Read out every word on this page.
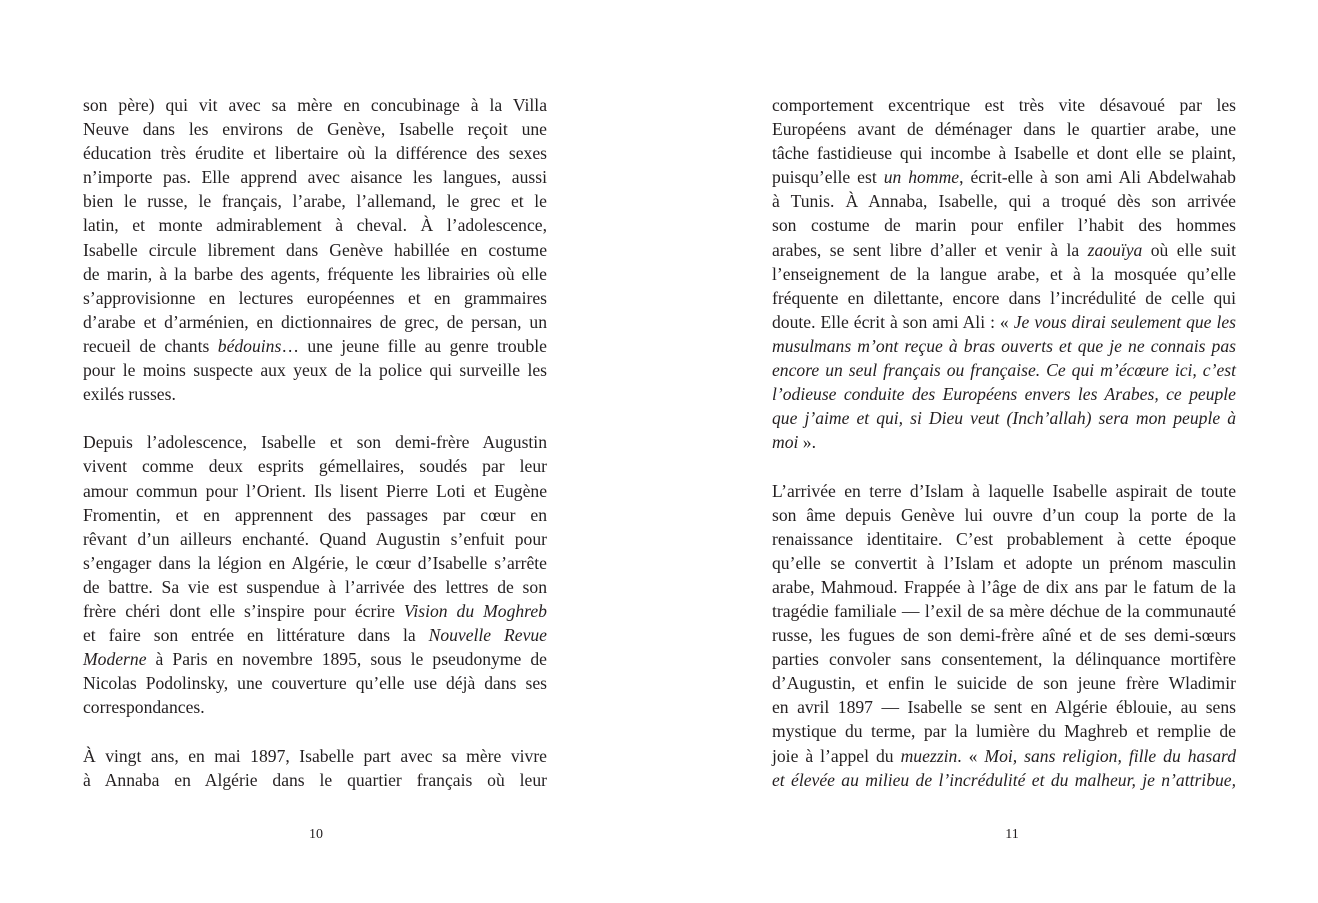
son père) qui vit avec sa mère en concubinage à la Villa
Neuve dans les environs de Genève, Isabelle reçoit une
éducation très érudite et libertaire où la différence des sexes
n’importe pas. Elle apprend avec aisance les langues, aussi
bien le russe, le français, l’arabe, l’allemand, le grec et le
latin, et monte admirablement à cheval. À l’adolescence,
Isabelle circule librement dans Genève habillée en costume
de marin, à la barbe des agents, fréquente les librairies où elle
s’approvisionne en lectures européennes et en grammaires
d’arabe et d’arménien, en dictionnaires de grec, de persan, un
recueil de chants bédouins… une jeune fille au genre trouble
pour le moins suspecte aux yeux de la police qui surveille les
exilés russes.
Depuis l’adolescence, Isabelle et son demi-frère Augustin
vivent comme deux esprits gémellaires, soudés par leur
amour commun pour l’Orient. Ils lisent Pierre Loti et Eugène
Fromentin, et en apprennent des passages par cœur en
rêvant d’un ailleurs enchanté. Quand Augustin s’enfuit pour
s’engager dans la légion en Algérie, le cœur d’Isabelle s’arrête
de battre. Sa vie est suspendue à l’arrivée des lettres de son
frère chéri dont elle s’inspire pour écrire Vision du Moghreb
et faire son entrée en littérature dans la Nouvelle Revue
Moderne à Paris en novembre 1895, sous le pseudonyme de
Nicolas Podolinsky, une couverture qu’elle use déjà dans ses
correspondances.
À vingt ans, en mai 1897, Isabelle part avec sa mère vivre
à Annaba en Algérie dans le quartier français où leur
10
comportement excentrique est très vite désavoué par les
Européens avant de déménager dans le quartier arabe, une
tâche fastidieuse qui incombe à Isabelle et dont elle se plaint,
puisqu’elle est un homme, écrit-elle à son ami Ali Abdelwahab
à Tunis. À Annaba, Isabelle, qui a troqué dès son arrivée
son costume de marin pour enfiler l’habit des hommes
arabes, se sent libre d’aller et venir à la zaouïya où elle suit
l’enseignement de la langue arabe, et à la mosquée qu’elle
fréquente en dilettante, encore dans l’incrédulité de celle qui
doute. Elle écrit à son ami Ali : « Je vous dirai seulement que les
musulmans m’ont reçue à bras ouverts et que je ne connais pas
encore un seul français ou française. Ce qui m’écœure ici, c’est
l’odieuse conduite des Européens envers les Arabes, ce peuple
que j’aime et qui, si Dieu veut (Inch’allah) sera mon peuple à
moi ».
L’arrivée en terre d’Islam à laquelle Isabelle aspirait de toute
son âme depuis Genève lui ouvre d’un coup la porte de la
renaissance identitaire. C’est probablement à cette époque
qu’elle se convertit à l’Islam et adopte un prénom masculin
arabe, Mahmoud. Frappée à l’âge de dix ans par le fatum de la
tragédie familiale — l’exil de sa mère déchue de la communauté
russe, les fugues de son demi-frère aîné et de ses demi-sœurs
parties convoler sans consentement, la délinquance mortifère
d’Augustin, et enfin le suicide de son jeune frère Wladimir
en avril 1897 — Isabelle se sent en Algérie éblouie, au sens
mystique du terme, par la lumière du Maghreb et remplie de
joie à l’appel du muezzin. « Moi, sans religion, fille du hasard
et élevée au milieu de l’incrédulité et du malheur, je n’attribue,
11
